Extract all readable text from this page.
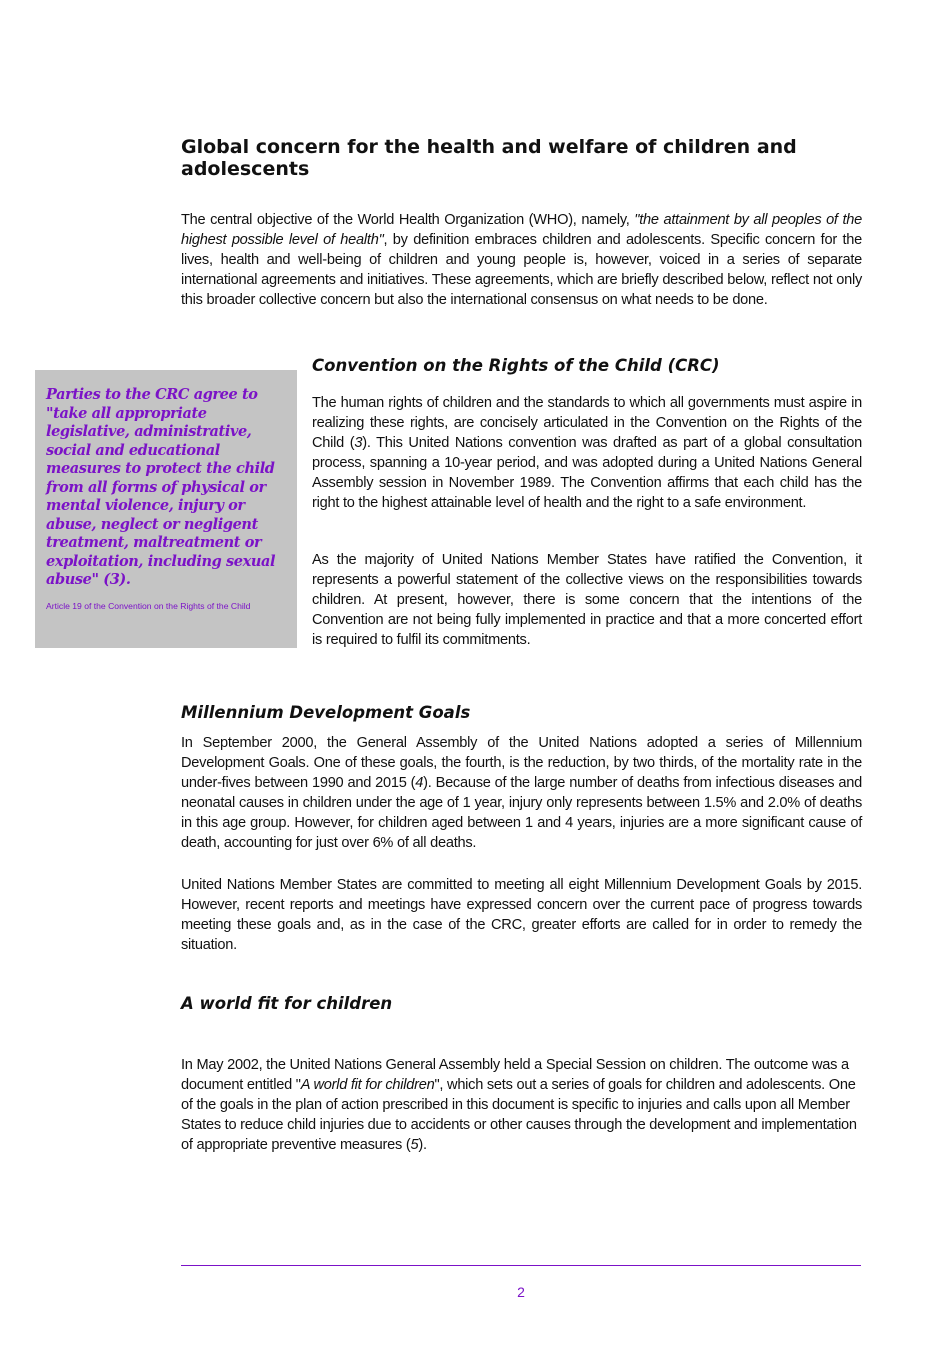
Global concern for the health and welfare of children and adolescents

The central objective of the World Health Organization (WHO), namely, "the attainment by all peoples of the highest possible level of health", by definition embraces children and adolescents. Specific concern for the lives, health and well-being of children and young people is, however, voiced in a series of separate international agreements and initiatives. These agreements, which are briefly described below, reflect not only this broader collective concern but also the international consensus on what needs to be done.

Convention on the Rights of the Child (CRC)

Parties to the CRC agree to "take all appropriate legislative, administrative, social and educational measures to protect the child from all forms of physical or mental violence, injury or abuse, neglect or negligent treatment, maltreatment or exploitation, including sexual abuse" (3).

Article 19 of the Convention on the Rights of the Child

The human rights of children and the standards to which all governments must aspire in realizing these rights, are concisely articulated in the Convention on the Rights of the Child (3). This United Nations convention was drafted as part of a global consultation process, spanning a 10-year period, and was adopted during a United Nations General Assembly session in November 1989. The Convention affirms that each child has the right to the highest attainable level of health and the right to a safe environment.

As the majority of United Nations Member States have ratified the Convention, it represents a powerful statement of the collective views on the responsibilities towards children. At present, however, there is some concern that the intentions of the Convention are not being fully implemented in practice and that a more concerted effort is required to fulfil its commitments.

Millennium Development Goals

In September 2000, the General Assembly of the United Nations adopted a series of Millennium Development Goals. One of these goals, the fourth, is the reduction, by two thirds, of the mortality rate in the under-fives between 1990 and 2015 (4). Because of the large number of deaths from infectious diseases and neonatal causes in children under the age of 1 year, injury only represents between 1.5% and 2.0% of deaths in this age group. However, for children aged between 1 and 4 years, injuries are a more significant cause of death, accounting for just over 6% of all deaths.

United Nations Member States are committed to meeting all eight Millennium Development Goals by 2015. However, recent reports and meetings have expressed concern over the current pace of progress towards meeting these goals and, as in the case of the CRC, greater efforts are called for in order to remedy the situation.

A world fit for children

In May 2002, the United Nations General Assembly held a Special Session on children. The outcome was a document entitled "A world fit for children", which sets out a series of goals for children and adolescents. One of the goals in the plan of action prescribed in this document is specific to injuries and calls upon all Member States to reduce child injuries due to accidents or other causes through the development and implementation of appropriate preventive measures (5).

2
